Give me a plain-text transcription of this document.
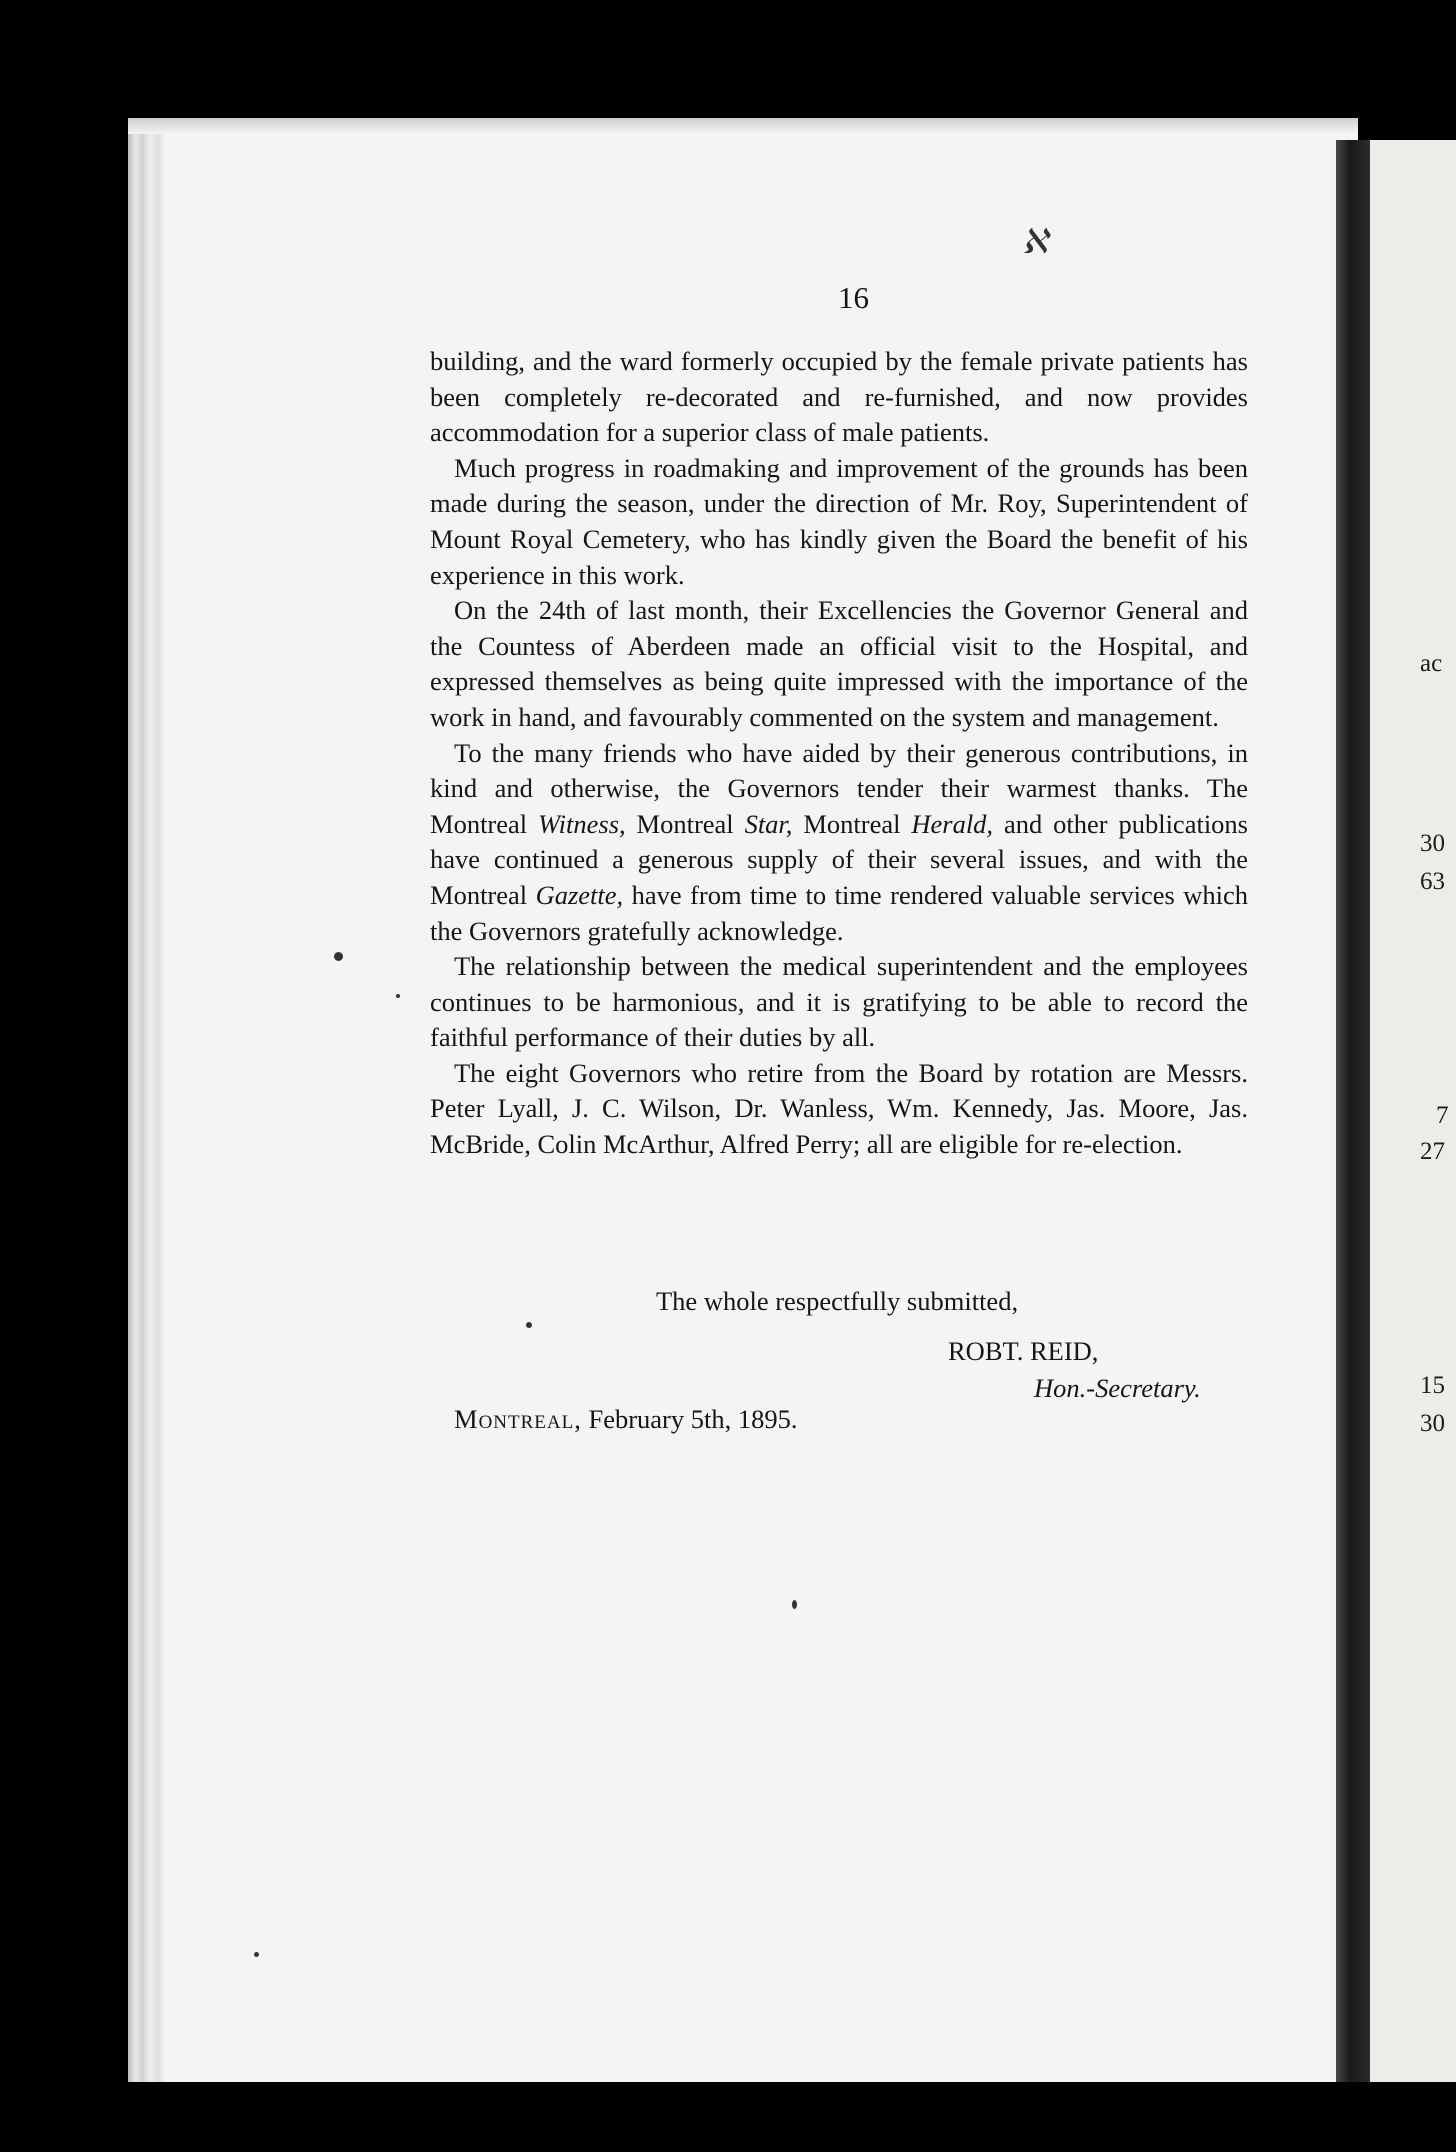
ℵ
16

building, and the ward formerly occupied by the female private patients has been completely re-decorated and re-furnished, and now provides accommodation for a superior class of male patients.

Much progress in roadmaking and improvement of the grounds has been made during the season, under the direction of Mr. Roy, Superintendent of Mount Royal Cemetery, who has kindly given the Board the benefit of his experience in this work.

On the 24th of last month, their Excellencies the Governor General and the Countess of Aberdeen made an official visit to the Hospital, and expressed themselves as being quite impressed with the importance of the work in hand, and favourably commented on the system and management.

To the many friends who have aided by their generous contributions, in kind and otherwise, the Governors tender their warmest thanks. The Montreal Witness, Montreal Star, Montreal Herald, and other publications have continued a generous supply of their several issues, and with the Montreal Gazette, have from time to time rendered valuable services which the Governors gratefully acknowledge.

The relationship between the medical superintendent and the employees continues to be harmonious, and it is gratifying to be able to record the faithful performance of their duties by all.

The eight Governors who retire from the Board by rotation are Messrs. Peter Lyall, J. C. Wilson, Dr. Wanless, Wm. Kennedy, Jas. Moore, Jas. McBride, Colin McArthur, Alfred Perry; all are eligible for re-election.

The whole respectfully submitted,
ROBT. REID,
Hon.-Secretary.
Montreal, February 5th, 1895.
ac
30
63
7
27
15
30
